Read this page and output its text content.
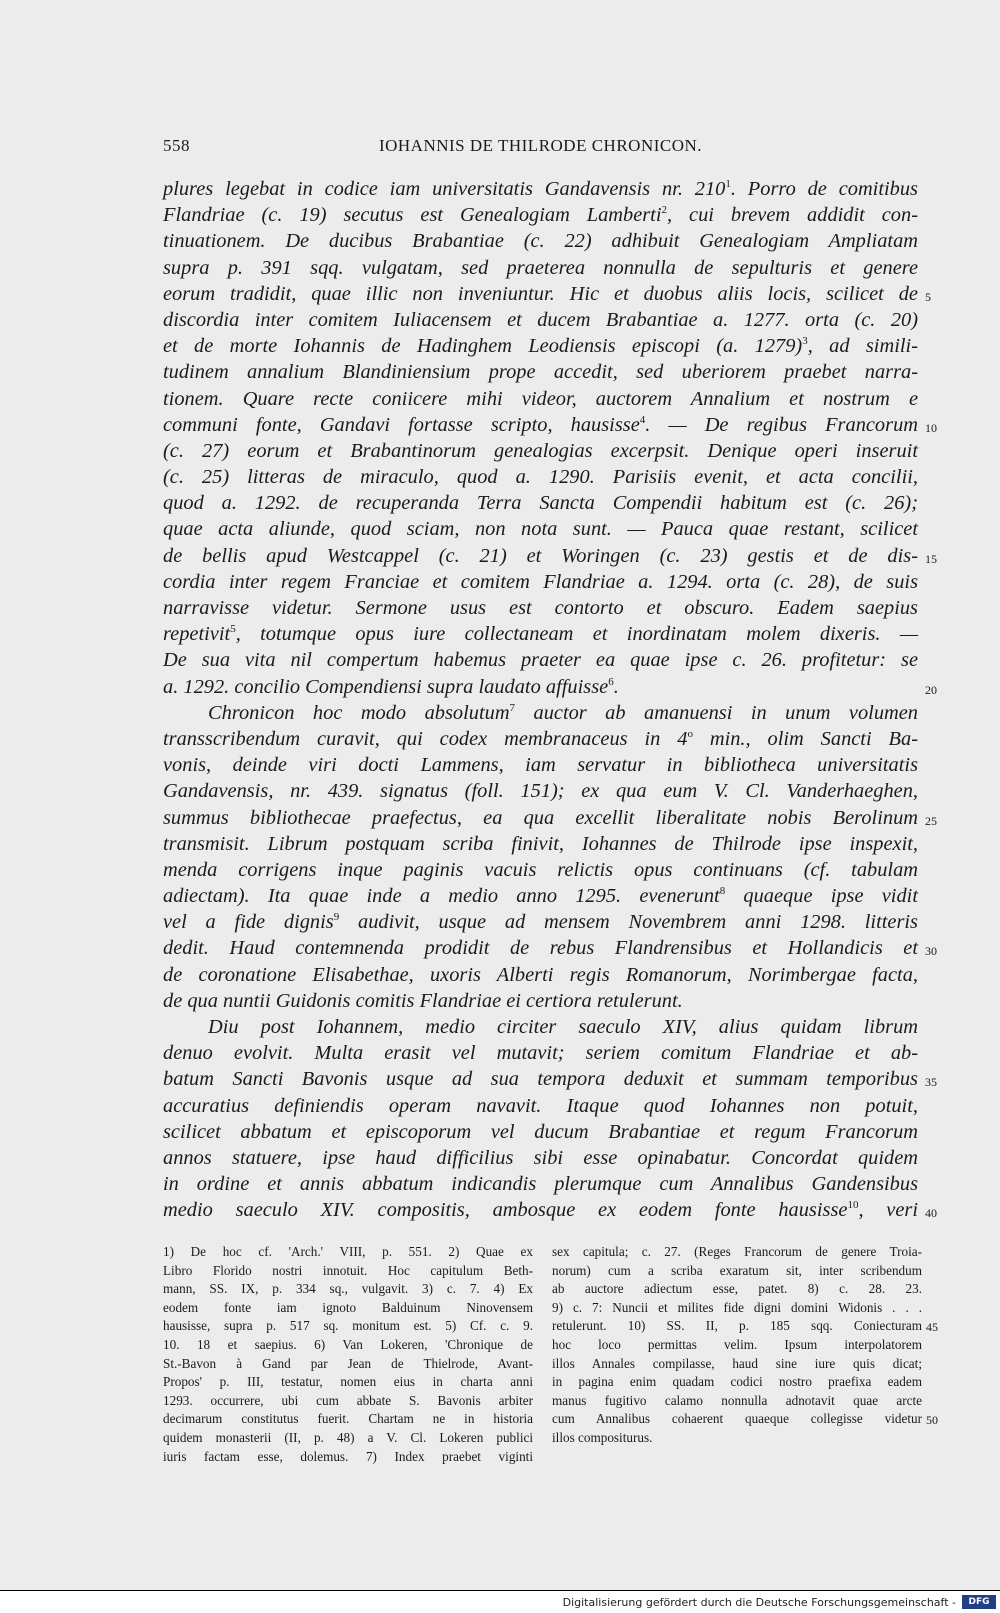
558	IOHANNIS DE THILRODE CHRONICON.
plures legebat in codice iam universitatis Gandavensis nr. $210^1$. Porro de comitibus
Flandriae (c. 19) secutus est Genealogiam Lamberti$^2$, cui brevem addidit con-
tinuationem. De ducibus Brabantiae (c. 22) adhibuit Genealogiam Ampliatam
supra p. 391 sqq. vulgatam, sed praeterea nonnulla de sepulturis et genere
eorum tradidit, quae illic non inveniuntur. Hic et duobus aliis locis, scilicet de 5
discordia inter comitem Iuliacensem et ducem Brabantiae a. 1277. orta (c. 20)
et de morte Iohannis de Hadinghem Leodiensis episcopi (a. 1279)$^3$, ad simili-
tudinem annalium Blandiniensium prope accedit, sed uberiorem praebet narra-
tionem. Quare recte coniicere mihi videor, auctorem Annalium et nostrum e
communi fonte, Gandavi fortasse scripto, hausisse$^4$. — De regibus Francorum 10
(c. 27) eorum et Brabantinorum genealogias excerpsit. Denique operi inseruit
(c. 25) litteras de miraculo, quod a. 1290. Parisiis evenit, et acta concilii,
quod a. 1292. de recuperanda Terra Sancta Compendii habitum est (c. 26);
quae acta aliunde, quod sciam, non nota sunt. — Pauca quae restant, scilicet
de bellis apud Westcappel (c. 21) et Woringen (c. 23) gestis et de dis- 15
cordia inter regem Franciae et comitem Flandriae a. 1294. orta (c. 28), de suis
narravisse videtur. Sermone usus est contorto et obscuro. Eadem saepius
repetivit$^5$, totumque opus iure collectaneam et inordinatam molem dixeris. —
De sua vita nil compertum habemus praeter ea quae ipse c. 26. profitetur: se
a. 1292. concilio Compendiensi supra laudato affuisse$^6$.	20
Chronicon hoc modo absolutum$^7$ auctor ab amanuensi in unum volumen
transscribendum curavit, qui codex membranaceus in 4$^o$ min., olim Sancti Ba-
vonis, deinde viri docti Lammens, iam servatur in bibliotheca universitatis
Gandavensis, nr. 439. signatus (foll. 151); ex qua eum V. Cl. Vanderhaeghen,
summus bibliothecae praefectus, ea qua excellit liberalitate nobis Berolinum 25
transmisit. Librum postquam scriba finivit, Iohannes de Thilrode ipse inspexit,
menda corrigens inque paginis vacuis relictis opus continuans (cf. tabulam
adiectam). Ita quae inde a medio anno 1295. evenerunt$^8$ quaeque ipse vidit
vel a fide dignis$^9$ audivit, usque ad mensem Novembrem anni 1298. litteris
dedit. Haud contemnenda prodidit de rebus Flandrensibus et Hollandicis et 30
de coronatione Elisabethae, uxoris Alberti regis Romanorum, Norimbergae facta,
de qua nuntii Guidonis comitis Flandriae ei certiora retulerunt.
Diu post Iohannem, medio circiter saeculo XIV, alius quidam librum
denuo evolvit. Multa erasit vel mutavit; seriem comitum Flandriae et ab-
batum Sancti Bavonis usque ad sua tempora deduxit et summam temporibus 35
accuratius definiendis operam navavit. Itaque quod Iohannes non potuit,
scilicet abbatum et episcoporum vel ducum Brabantiae et regum Francorum
annos statuere, ipse haud difficilius sibi esse opinabatur. Concordat quidem
in ordine et annis abbatum indicandis plerumque cum Annalibus Gandensibus
medio saeculo XIV. compositis, ambosque ex eodem fonte hausisse$^{10}$, veri 40
1) De hoc cf. 'Arch.' VIII, p. 551. 2) Quae ex
Libro Florido nostri innotuit. Hoc capitulum Beth-
mann, SS. IX, p. 334 sq., vulgavit. 3) c. 7. 4) Ex
eodem fonte iam ignoto Balduinum Ninovensem
hausisse, supra p. 517 sq. monitum est. 5) Cf. c. 9.
10. 18 et saepius. 6) Van Lokeren, 'Chronique de
St.-Bavon à Gand par Jean de Thielrode, Avant-
Propos' p. III, testatur, nomen eius in charta anni
1293. occurrere, ubi cum abbate S. Bavonis arbiter
decimarum constitutus fuerit. Chartam ne in historia
quidem monasterii (II, p. 48) a V. Cl. Lokeren publici
iuris factam esse, dolemus. 7) Index praebet viginti
sex capitula; c. 27. (Reges Francorum de genere Troia-
norum) cum a scriba exaratum sit, inter scribendum
ab auctore adiectum esse, patet. 8) c. 28. 23.
9) c. 7: Nuncii et milites fide digni domini Widonis . . .
retulerunt. 10) SS. II, p. 185 sqq. Coniecturam 45
hoc loco permittas velim. Ipsum interpolatorem
illos Annales compilasse, haud sine iure quis dicat;
in pagina enim quadam codici nostro praefixa eadem
manus fugitivo calamo nonnulla adnotavit quae arcte
cum Annalibus cohaerent quaeque collegisse videtur 50
illos compositurus.
Digitalisierung gefördert durch die Deutsche Forschungsgemeinschaft -	DFG
